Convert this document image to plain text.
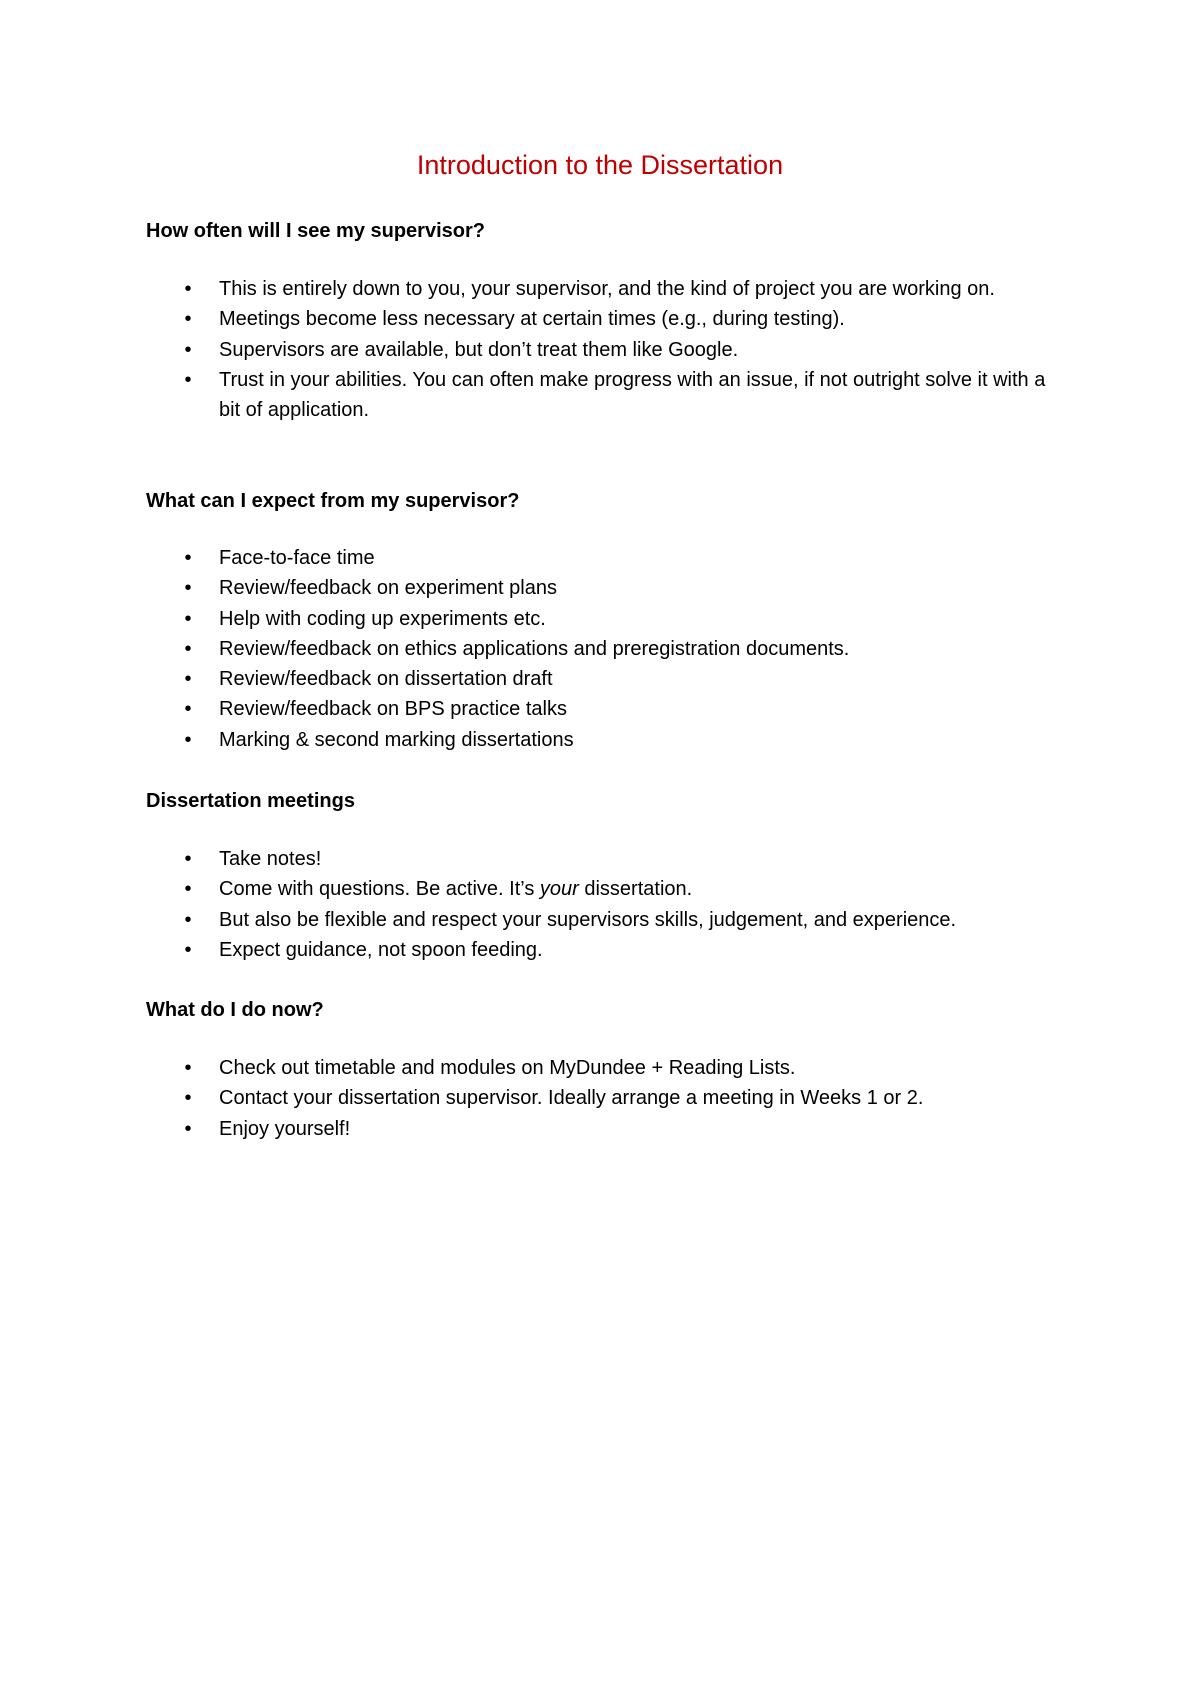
Introduction to the Dissertation
How often will I see my supervisor?
• This is entirely down to you, your supervisor, and the kind of project you are working on.
• Meetings become less necessary at certain times (e.g., during testing).
• Supervisors are available, but don’t treat them like Google.
• Trust in your abilities. You can often make progress with an issue, if not outright solve it with a bit of application.
What can I expect from my supervisor?
• Face-to-face time
• Review/feedback on experiment plans
• Help with coding up experiments etc.
• Review/feedback on ethics applications and preregistration documents.
• Review/feedback on dissertation draft
• Review/feedback on BPS practice talks
• Marking & second marking dissertations
Dissertation meetings
• Take notes!
• Come with questions. Be active. It’s your dissertation.
• But also be flexible and respect your supervisors skills, judgement, and experience.
• Expect guidance, not spoon feeding.
What do I do now?
• Check out timetable and modules on MyDundee + Reading Lists.
• Contact your dissertation supervisor. Ideally arrange a meeting in Weeks 1 or 2.
• Enjoy yourself!
